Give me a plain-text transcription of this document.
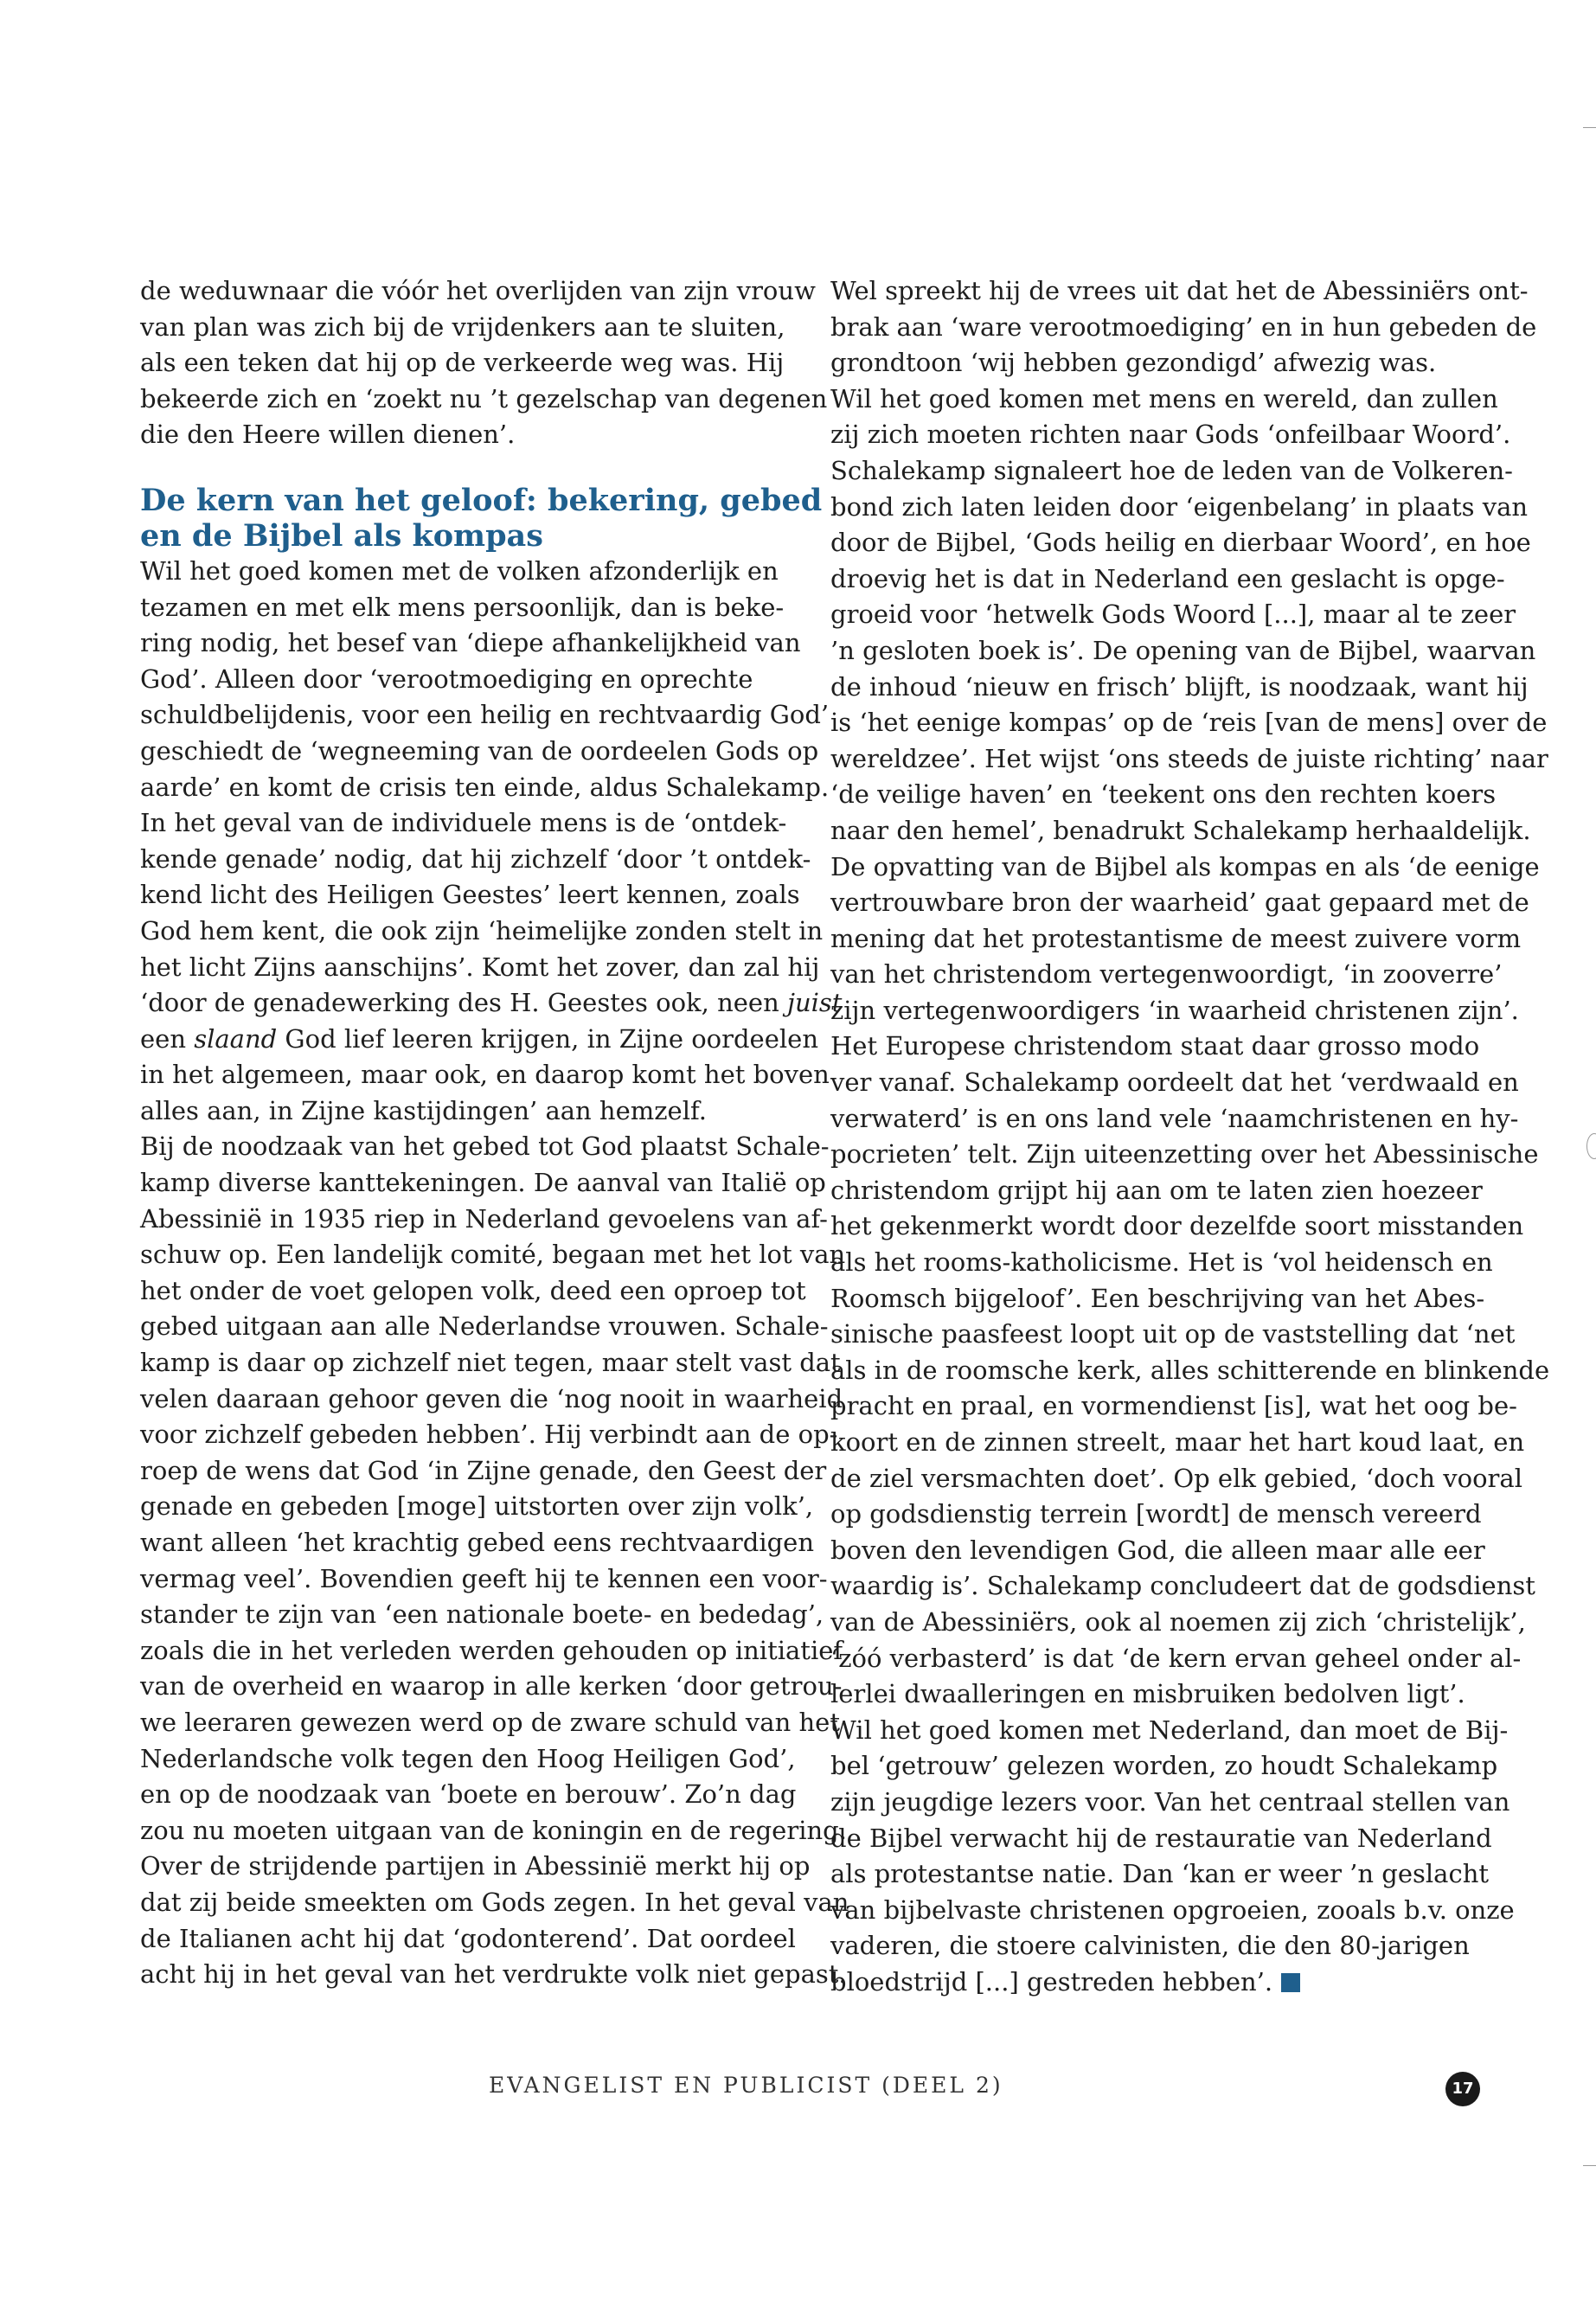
de weduwnaar die vóór het overlijden van zijn vrouw
van plan was zich bij de vrijdenkers aan te sluiten,
als een teken dat hij op de verkeerde weg was. Hij
bekeerde zich en ‘zoekt nu ’t gezelschap van degenen
die den Heere willen dienen’.
De kern van het geloof: bekering, gebed
en de Bijbel als kompas
Wil het goed komen met de volken afzonderlijk en
tezamen en met elk mens persoonlijk, dan is beke-
ring nodig, het besef van ‘diepe afhankelijkheid van
God’. Alleen door ‘verootmoediging en oprechte
schuldbelijdenis, voor een heilig en rechtvaardig God’
geschiedt de ‘wegneeming van de oordeelen Gods op
aarde’ en komt de crisis ten einde, aldus Schalekamp.
In het geval van de individuele mens is de ‘ontdek-
kende genade’ nodig, dat hij zichzelf ‘door ’t ontdek-
kend licht des Heiligen Geestes’ leert kennen, zoals
God hem kent, die ook zijn ‘heimelijke zonden stelt in
het licht Zijns aanschijns’. Komt het zover, dan zal hij
‘door de genadewerking des H. Geestes ook, neen juist
een slaand God lief leeren krijgen, in Zijne oordeelen
in het algemeen, maar ook, en daarop komt het boven
alles aan, in Zijne kastijdingen’ aan hemzelf.
Bij de noodzaak van het gebed tot God plaatst Schale-
kamp diverse kanttekeningen. De aanval van Italië op
Abessinië in 1935 riep in Nederland gevoelens van af-
schuw op. Een landelijk comité, begaan met het lot van
het onder de voet gelopen volk, deed een oproep tot
gebed uitgaan aan alle Nederlandse vrouwen. Schale-
kamp is daar op zichzelf niet tegen, maar stelt vast dat
velen daaraan gehoor geven die ‘nog nooit in waarheid
voor zichzelf gebeden hebben’. Hij verbindt aan de op-
roep de wens dat God ‘in Zijne genade, den Geest der
genade en gebeden [moge] uitstorten over zijn volk’,
want alleen ‘het krachtig gebed eens rechtvaardigen
vermag veel’. Bovendien geeft hij te kennen een voor-
stander te zijn van ‘een nationale boete- en bededag’,
zoals die in het verleden werden gehouden op initiatief
van de overheid en waarop in alle kerken ‘door getrou-
we leeraren gewezen werd op de zware schuld van het
Nederlandsche volk tegen den Hoog Heiligen God’,
en op de noodzaak van ‘boete en berouw’. Zo’n dag
zou nu moeten uitgaan van de koningin en de regering.
Over de strijdende partijen in Abessinië merkt hij op
dat zij beide smeekten om Gods zegen. In het geval van
de Italianen acht hij dat ‘godonterend’. Dat oordeel
acht hij in het geval van het verdrukte volk niet gepast.
Wel spreekt hij de vrees uit dat het de Abessiniërs ont-
brak aan ‘ware verootmoediging’ en in hun gebeden de
grondtoon ‘wij hebben gezondigd’ afwezig was.
Wil het goed komen met mens en wereld, dan zullen
zij zich moeten richten naar Gods ‘onfeilbaar Woord’.
Schalekamp signaleert hoe de leden van de Volkeren-
bond zich laten leiden door ‘eigenbelang’ in plaats van
door de Bijbel, ‘Gods heilig en dierbaar Woord’, en hoe
droevig het is dat in Nederland een geslacht is opge-
groeid voor ‘hetwelk Gods Woord [...], maar al te zeer
’n gesloten boek is’. De opening van de Bijbel, waarvan
de inhoud ‘nieuw en frisch’ blijft, is noodzaak, want hij
is ‘het eenige kompas’ op de ‘reis [van de mens] over de
wereldzee’. Het wijst ‘ons steeds de juiste richting’ naar
‘de veilige haven’ en ‘teekent ons den rechten koers
naar den hemel’, benadrukt Schalekamp herhaaldelijk.
De opvatting van de Bijbel als kompas en als ‘de eenige
vertrouwbare bron der waarheid’ gaat gepaard met de
mening dat het protestantisme de meest zuivere vorm
van het christendom vertegenwoordigt, ‘in zooverre’
zijn vertegenwoordigers ‘in waarheid christenen zijn’.
Het Europese christendom staat daar grosso modo
ver vanaf. Schalekamp oordeelt dat het ‘verdwaald en
verwaterd’ is en ons land vele ‘naamchristenen en hy-
pocrieten’ telt. Zijn uiteenzetting over het Abessinische
christendom grijpt hij aan om te laten zien hoezeer
het gekenmerkt wordt door dezelfde soort misstanden
als het rooms-katholicisme. Het is ‘vol heidensch en
Roomsch bijgeloof’. Een beschrijving van het Abes-
sinische paasfeest loopt uit op de vaststelling dat ‘net
als in de roomsche kerk, alles schitterende en blinkende
pracht en praal, en vormendienst [is], wat het oog be-
koort en de zinnen streelt, maar het hart koud laat, en
de ziel versmachten doet’. Op elk gebied, ‘doch vooral
op godsdienstig terrein [wordt] de mensch vereerd
boven den levendigen God, die alleen maar alle eer
waardig is’. Schalekamp concludeert dat de godsdienst
van de Abessiniërs, ook al noemen zij zich ‘christelijk’,
‘zóó verbasterd’ is dat ‘de kern ervan geheel onder al-
lerlei dwaalleringen en misbruiken bedolven ligt’.
Wil het goed komen met Nederland, dan moet de Bij-
bel ‘getrouw’ gelezen worden, zo houdt Schalekamp
zijn jeugdige lezers voor. Van het centraal stellen van
de Bijbel verwacht hij de restauratie van Nederland
als protestantse natie. Dan ‘kan er weer ’n geslacht
van bijbelvaste christenen opgroeien, zooals b.v. onze
vaderen, die stoere calvinisten, die den 80-jarigen
bloedstrijd [...] gestreden hebben’.
EVANGELIST EN PUBLICIST (DEEL 2)	17
